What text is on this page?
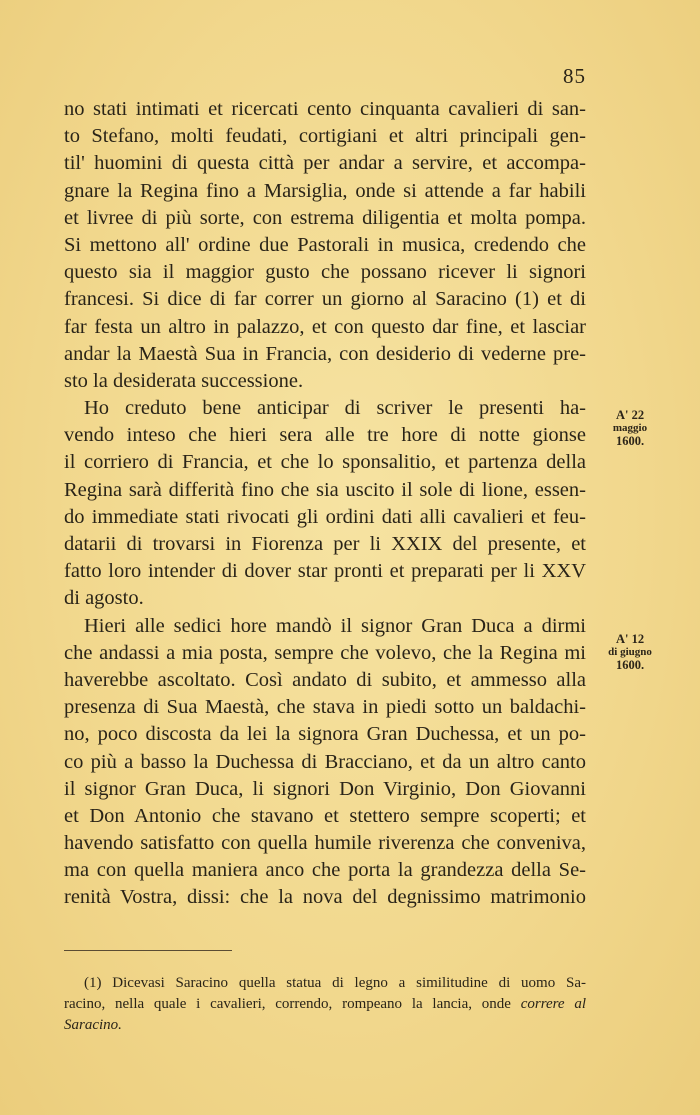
85
no stati intimati et ricercati cento cinquanta cavalieri di san-
to Stefano, molti feudati, cortigiani et altri principali gen-
til' huomini di questa città per andar a servire, et accompa-
gnare la Regina fino a Marsiglia, onde si attende a far habili
et livree di più sorte, con estrema diligentia et molta pompa.
Si mettono all' ordine due Pastorali in musica, credendo che
questo sia il maggior gusto che possano ricever li signori
francesi. Si dice di far correr un giorno al Saracino (1) et di
far festa un altro in palazzo, et con questo dar fine, et lasciar
andar la Maestà Sua in Francia, con desiderio di vederne pre-
sto la desiderata successione.
Ho creduto bene anticipar di scriver le presenti ha-
vendo inteso che hieri sera alle tre hore di notte gionse
il corriero di Francia, et che lo sponsalitio, et partenza della
Regina sarà differità fino che sia uscito il sole di lione, essen-
do immediate stati rivocati gli ordini dati alli cavalieri et feu-
datarii di trovarsi in Fiorenza per li XXIX del presente, et
fatto loro intender di dover star pronti et preparati per li XXV
di agosto.
Hieri alle sedici hore mandò il signor Gran Duca a dirmi
che andassi a mia posta, sempre che volevo, che la Regina mi
haverebbe ascoltato. Così andato di subito, et ammesso alla
presenza di Sua Maestà, che stava in piedi sotto un baldachi-
no, poco discosta da lei la signora Gran Duchessa, et un po-
co più a basso la Duchessa di Bracciano, et da un altro canto
il signor Gran Duca, li signori Don Virginio, Don Giovanni
et Don Antonio che stavano et stettero sempre scoperti; et
havendo satisfatto con quella humile riverenza che conveniva,
ma con quella maniera anco che porta la grandezza della Se-
renità Vostra, dissi: che la nova del degnissimo matrimonio
A' 22
maggio
1600.
A' 12
di giugno
1600.
(1) Dicevasi Saracino quella statua di legno a similitudine di uomo Sa-
racino, nella quale i cavalieri, correndo, rompeano la lancia, onde correre al
Saracino.
